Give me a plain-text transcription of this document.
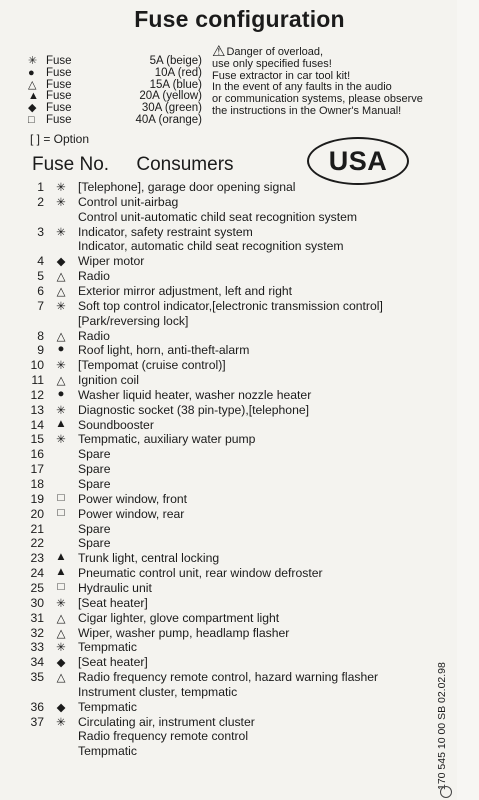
Fuse configuration
✳ Fuse	5A (beige)
● Fuse	10A (red)
△ Fuse	15A (blue)
▲ Fuse	20A (yellow)
◆ Fuse	30A (green)
□ Fuse	40A (orange)
[ ] = Option
⚠Danger of overload,
use only specified fuses!
Fuse extractor in car tool kit!
In the event of any faults in the audio
or communication systems, please observe
the instructions in the Owner's Manual!
Fuse No. Consumers	USA
1 ✳ [Telephone], garage door opening signal
2 ✳ Control unit-airbag
Control unit-automatic child seat recognition system
3 ✳ Indicator, safety restraint system
Indicator, automatic child seat recognition system
4 ◆ Wiper motor
5 △ Radio
6 △ Exterior mirror adjustment, left and right
7 ✳ Soft top control indicator,[electronic transmission control]
[Park/reversing lock]
8 △ Radio
9	● Roof light, horn, anti-theft-alarm
10 ✳ [Tempomat (cruise control)]
11 △ Ignition coil
12	● Washer liquid heater, washer nozzle heater
13 ✳ Diagnostic socket (38 pin-type),[telephone]
14 ▲ Soundbooster
15 ✳ Tempmatic, auxiliary water pump
16	Spare
17	Spare
18	Spare
19	□ Power window, front
20	□ Power window, rear
21	Spare
22	Spare
23 ▲ Trunk light, central locking
24 ▲ Pneumatic control unit, rear window defroster
25	□ Hydraulic unit
30 ✳ [Seat heater]
31 △ Cigar lighter, glove compartment light
32 △ Wiper, washer pump, headlamp flasher
33 ✳ Tempmatic
34 ◆ [Seat heater]
35 △ Radio frequency remote control, hazard warning flasher
Instrument cluster, tempmatic
36 ◆ Tempmatic
37 ✳ Circulating air, instrument cluster
Radio frequency remote control
Tempmatic	170 545 10 00 SB 02.02.98
